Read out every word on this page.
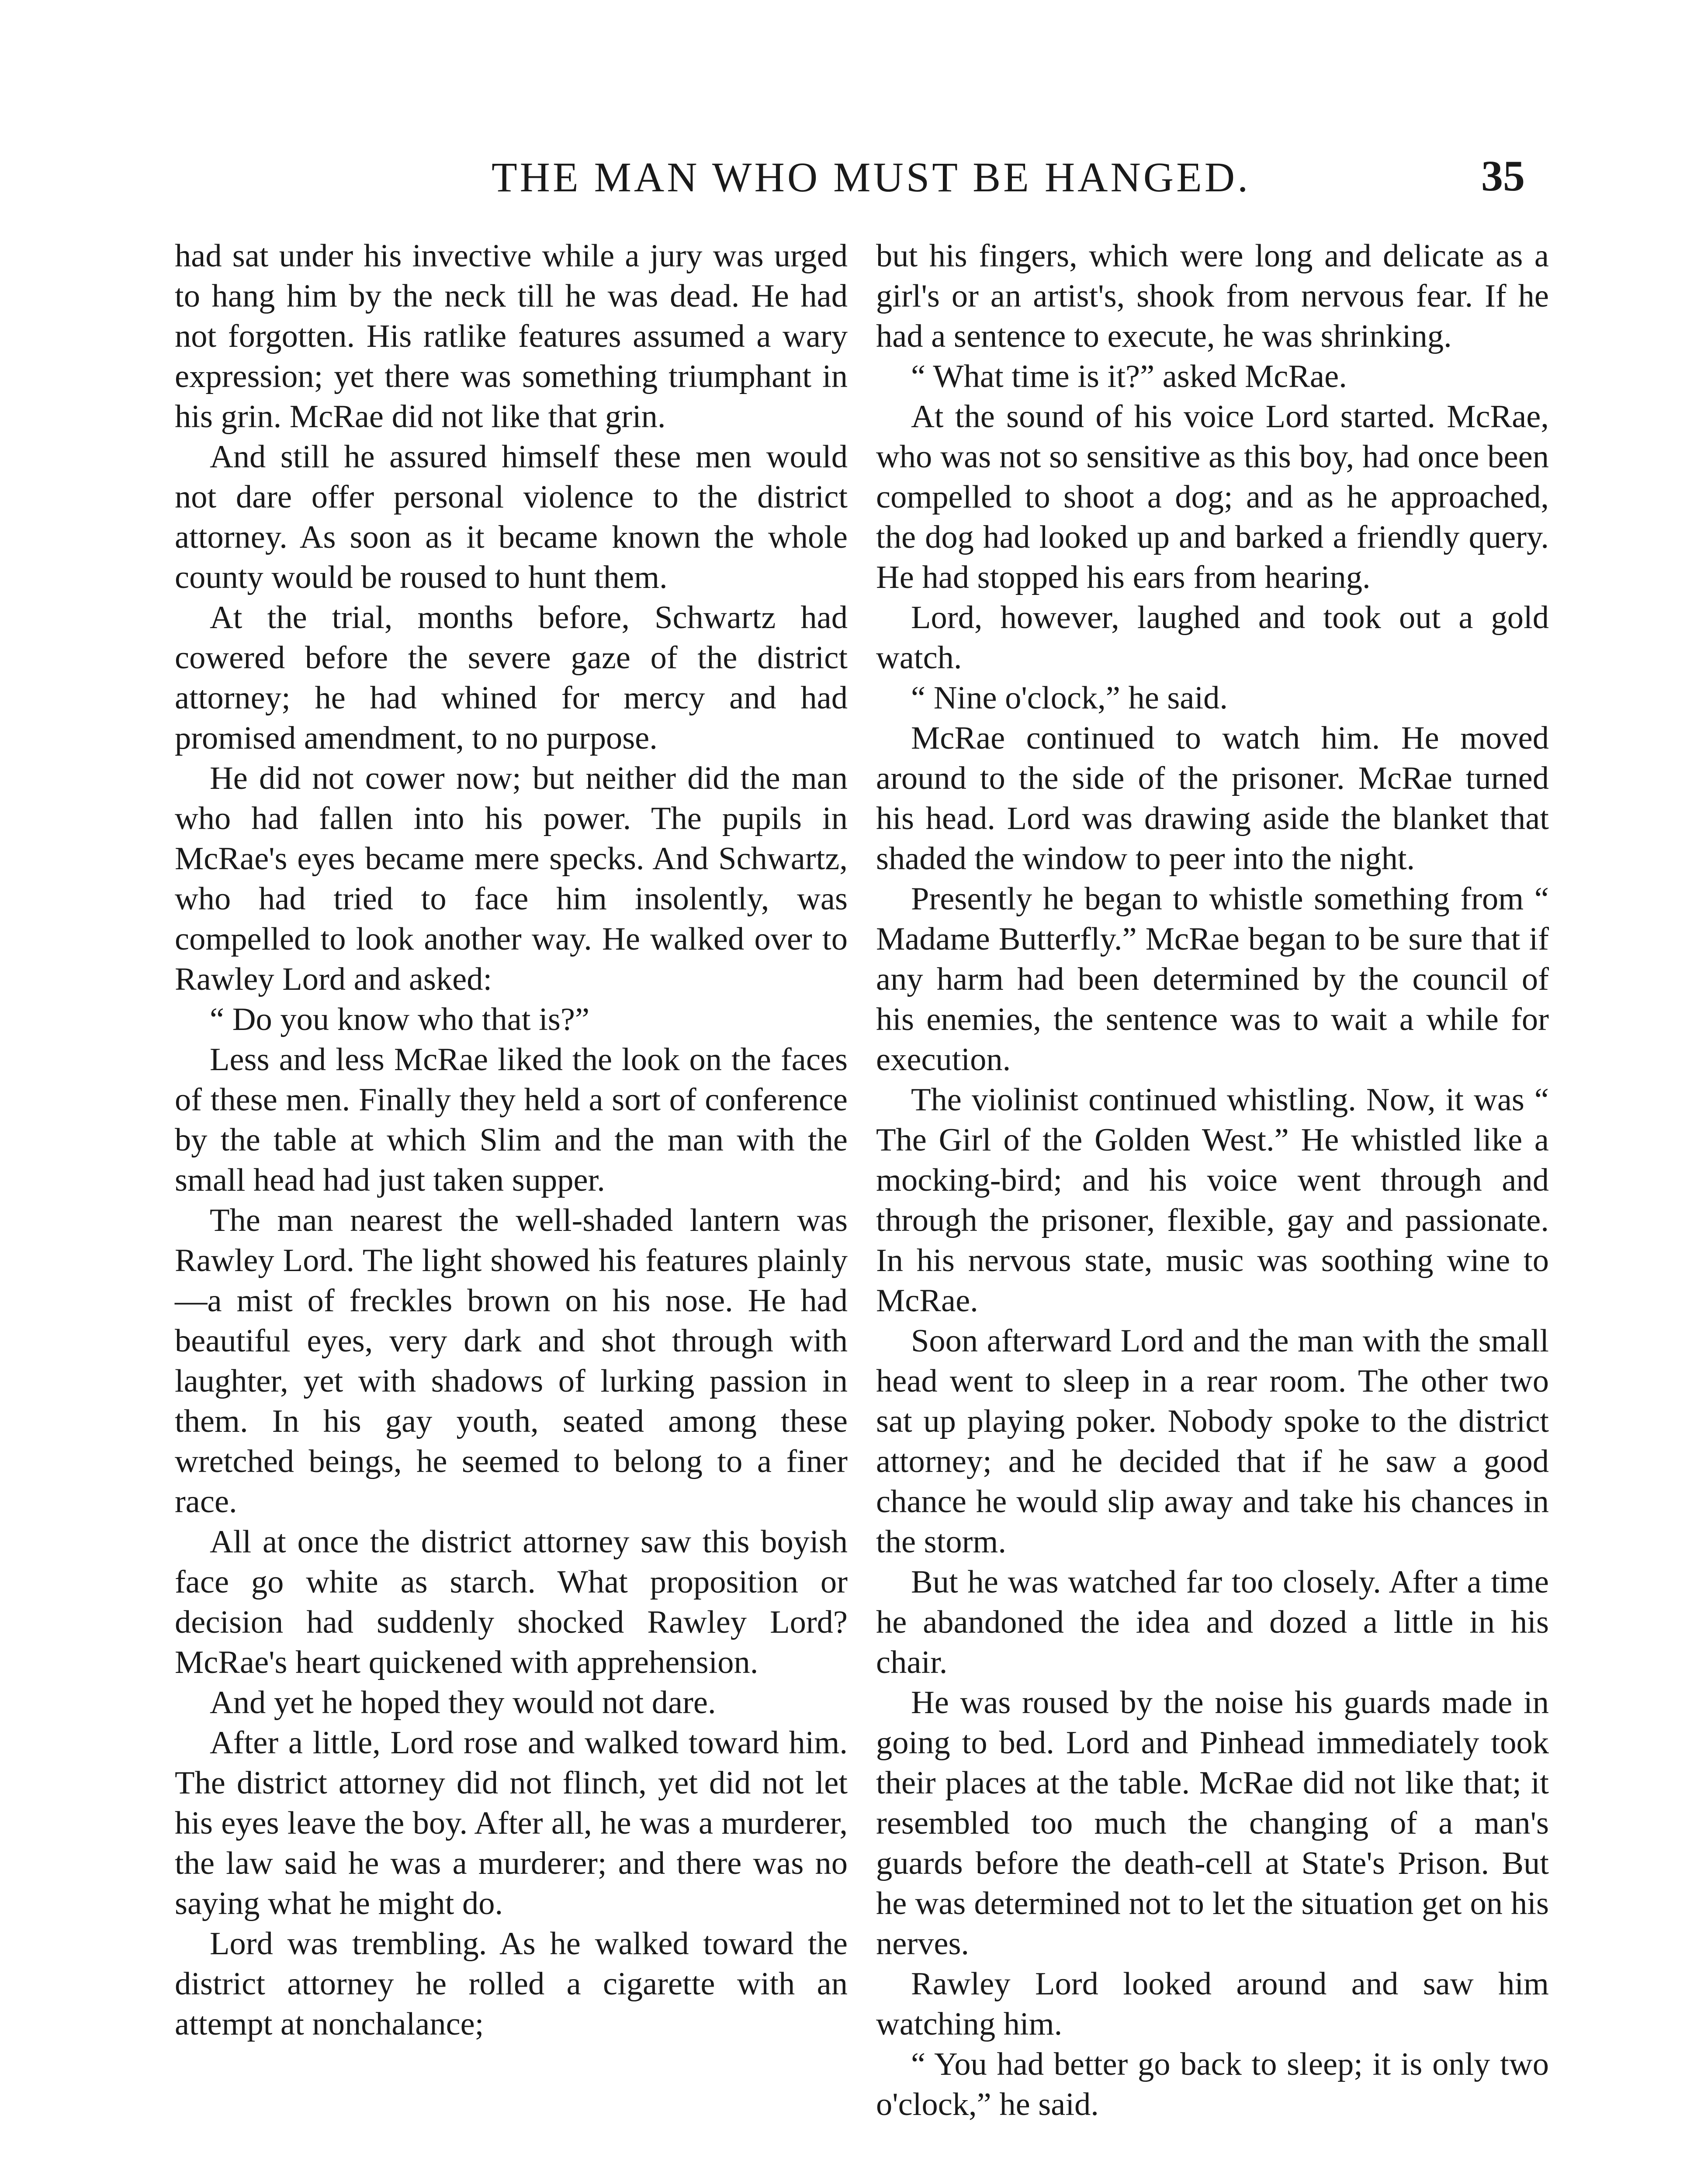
THE MAN WHO MUST BE HANGED.	35

had sat under his invective while a jury was urged to hang him by the neck till he was dead. He had not forgotten. His ratlike features assumed a wary expression; yet there was something triumphant in his grin. McRae did not like that grin.

And still he assured himself these men would not dare offer personal violence to the district attorney. As soon as it became known the whole county would be roused to hunt them.

At the trial, months before, Schwartz had cowered before the severe gaze of the district attorney; he had whined for mercy and had promised amendment, to no purpose.

He did not cower now; but neither did the man who had fallen into his power. The pupils in McRae's eyes became mere specks. And Schwartz, who had tried to face him insolently, was compelled to look another way. He walked over to Rawley Lord and asked:

“ Do you know who that is?”

Less and less McRae liked the look on the faces of these men. Finally they held a sort of conference by the table at which Slim and the man with the small head had just taken supper.

The man nearest the well-shaded lantern was Rawley Lord. The light showed his features plainly—a mist of freckles brown on his nose. He had beautiful eyes, very dark and shot through with laughter, yet with shadows of lurking passion in them. In his gay youth, seated among these wretched beings, he seemed to belong to a finer race.

All at once the district attorney saw this boyish face go white as starch. What proposition or decision had suddenly shocked Rawley Lord? McRae's heart quickened with apprehension.

And yet he hoped they would not dare.

After a little, Lord rose and walked toward him. The district attorney did not flinch, yet did not let his eyes leave the boy. After all, he was a murderer, the law said he was a murderer; and there was no saying what he might do.

Lord was trembling. As he walked toward the district attorney he rolled a cigarette with an attempt at nonchalance;

but his fingers, which were long and delicate as a girl's or an artist's, shook from nervous fear. If he had a sentence to execute, he was shrinking.

“ What time is it?” asked McRae.

At the sound of his voice Lord started. McRae, who was not so sensitive as this boy, had once been compelled to shoot a dog; and as he approached, the dog had looked up and barked a friendly query. He had stopped his ears from hearing.

Lord, however, laughed and took out a gold watch.

“ Nine o'clock,” he said.

McRae continued to watch him. He moved around to the side of the prisoner. McRae turned his head. Lord was drawing aside the blanket that shaded the window to peer into the night.

Presently he began to whistle something from “ Madame Butterfly.” McRae began to be sure that if any harm had been determined by the council of his enemies, the sentence was to wait a while for execution.

The violinist continued whistling. Now, it was “ The Girl of the Golden West.” He whistled like a mocking-bird; and his voice went through and through the prisoner, flexible, gay and passionate. In his nervous state, music was soothing wine to McRae.

Soon afterward Lord and the man with the small head went to sleep in a rear room. The other two sat up playing poker. Nobody spoke to the district attorney; and he decided that if he saw a good chance he would slip away and take his chances in the storm.

But he was watched far too closely. After a time he abandoned the idea and dozed a little in his chair.

He was roused by the noise his guards made in going to bed. Lord and Pinhead immediately took their places at the table. McRae did not like that; it resembled too much the changing of a man's guards before the death-cell at State's Prison. But he was determined not to let the situation get on his nerves.

Rawley Lord looked around and saw him watching him.

“ You had better go back to sleep; it is only two o'clock,” he said.
